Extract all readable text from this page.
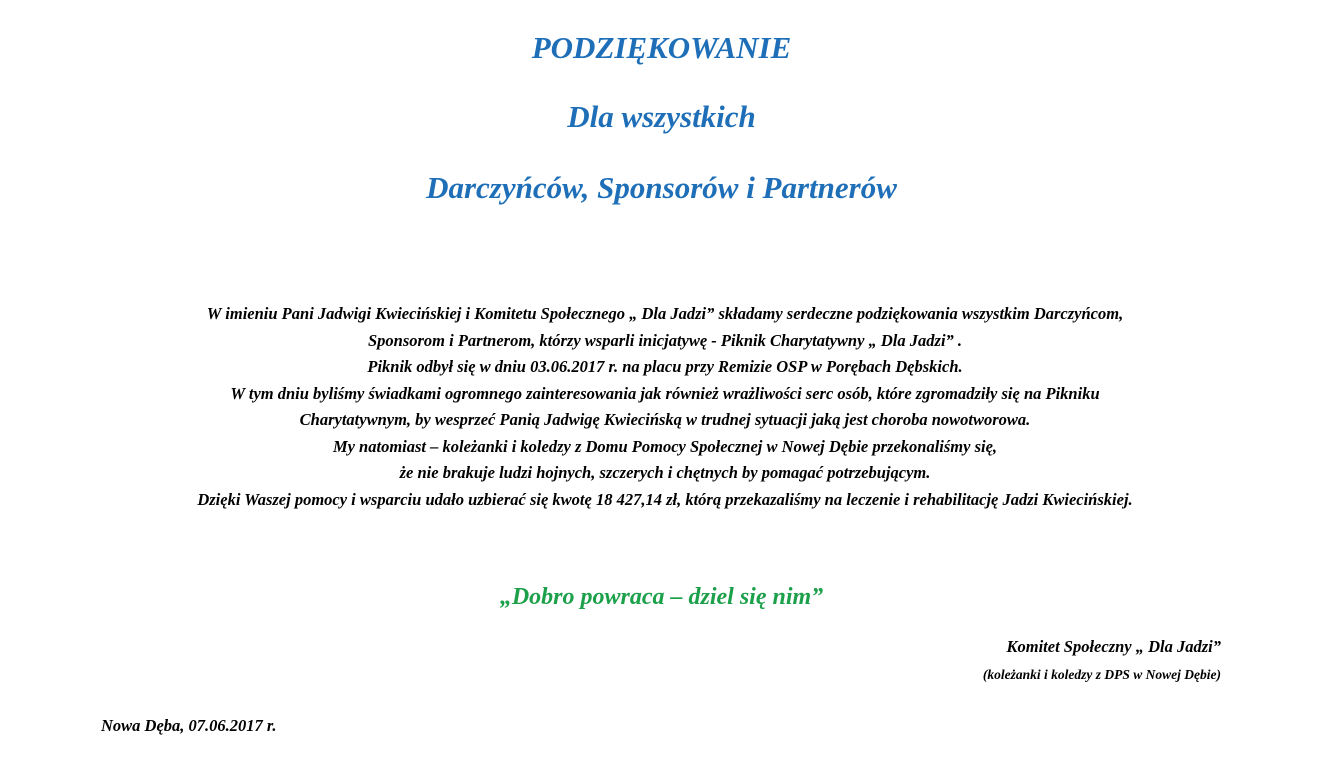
PODZIĘKOWANIE
Dla wszystkich
Darczyńców, Sponsorów i Partnerów
W imieniu Pani Jadwigi Kwiecińskiej i Komitetu Społecznego „ Dla Jadzi” składamy serdeczne podziękowania wszystkim Darczyńcom,
Sponsorom i Partnerom, którzy wsparli inicjatywę - Piknik Charytatywny „ Dla Jadzi” .
Piknik odbył się w dniu 03.06.2017 r. na placu przy Remizie OSP w Porębach Dębskich.
W tym dniu byliśmy świadkami ogromnego zainteresowania jak również wrażliwości serc osób, które zgromadziły się na Pikniku
Charytatywnym, by wesprzeć Panią Jadwigę Kwiecińską w trudnej sytuacji jaką jest choroba nowotworowa.
My natomiast – koleżanki i koledzy z Domu Pomocy Społecznej w Nowej Dębie przekonaliśmy się,
że nie brakuje ludzi hojnych, szczerych i chętnych by pomagać potrzebującym.
Dzięki Waszej pomocy i wsparciu udało uzbierać się kwotę 18 427,14 zł, którą przekazaliśmy na leczenie i rehabilitację Jadzi Kwiecińskiej.

„Dobro powraca – dziel się nim”

Komitet Społeczny „ Dla Jadzi”

(koleżanki i koledzy z DPS w Nowej Dębie)

Nowa Dęba, 07.06.2017 r.
